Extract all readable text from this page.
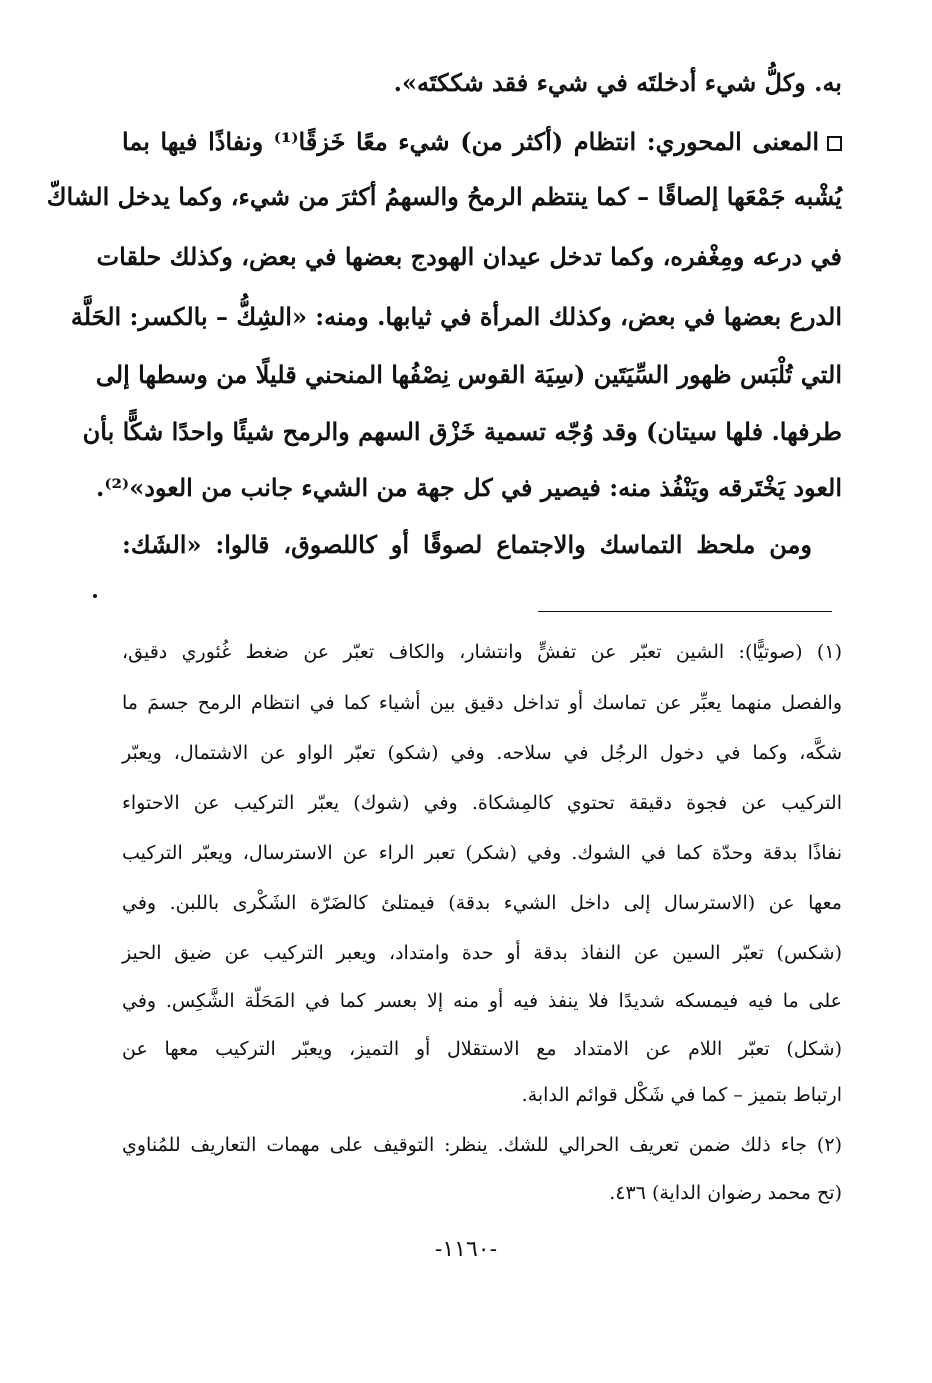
به. وكلُّ شيء أدخلتَه في شيء فقد شككتَه».
المعنى المحوري: انتظام (أكثر من) شيء معًا خَزقًا⁽¹⁾ ونفاذًا فيها بما
يُشْبه جَمْعَها إلصاقًا – كما ينتظم الرمحُ والسهمُ أكثرَ من شيء، وكما يدخل الشاكّ
في درعه ومِغْفره، وكما تدخل عيدان الهودج بعضها في بعض، وكذلك حلقات
الدرع بعضها في بعض، وكذلك المرأة في ثيابها. ومنه: «الشِكُّ – بالكسر: الحَلَّة
التي تُلْبَس ظهور السِّيَتَين (سِيَة القوس نِصْفُها المنحني قليلًا من وسطها إلى
طرفها. فلها سيتان) وقد وُجّه تسمية خَزْق السهم والرمح شيئًا واحدًا شكًّا بأن
العود يَخْتَرقه ويَنْفُذ منه: فيصير في كل جهة من الشيء جانب من العود»⁽²⁾.
ومن ملحظ التماسك والاجتماع لصوقًا أو كاللصوق، قالوا: «الشَك:
(١) (صوتيًّا): الشين تعبّر عن تفشٍّ وانتشار، والكاف تعبّر عن ضغط غُئوري دقيق،
والفصل منهما يعبِّر عن تماسك أو تداخل دقيق بين أشياء كما في انتظام الرمح جسمَ ما
شكَّه، وكما في دخول الرجُل في سلاحه. وفي (شكو) تعبّر الواو عن الاشتمال، ويعبّر
التركيب عن فجوة دقيقة تحتوي كالمِشكاة. وفي (شوك) يعبّر التركيب عن الاحتواء
نفاذًا بدقة وحدّة كما في الشوك. وفي (شكر) تعبر الراء عن الاسترسال، ويعبّر التركيب
معها عن (الاسترسال إلى داخل الشيء بدقة) فيمتلئ كالضَرّة الشَكْرى باللبن. وفي
(شكس) تعبّر السين عن النفاذ بدقة أو حدة وامتداد، ويعبر التركيب عن ضيق الحيز
على ما فيه فيمسكه شديدًا فلا ينفذ فيه أو منه إلا بعسر كما في المَحَلّة الشَّكِس. وفي
(شكل) تعبّر اللام عن الامتداد مع الاستقلال أو التميز، ويعبّر التركيب معها عن
ارتباط بتميز – كما في شَكْل قوائم الدابة.
(٢) جاء ذلك ضمن تعريف الحرالي للشك. ينظر: التوقيف على مهمات التعاريف للمُناوي
(تح محمد رضوان الداية) ٤٣٦.
-١١٦٠-
